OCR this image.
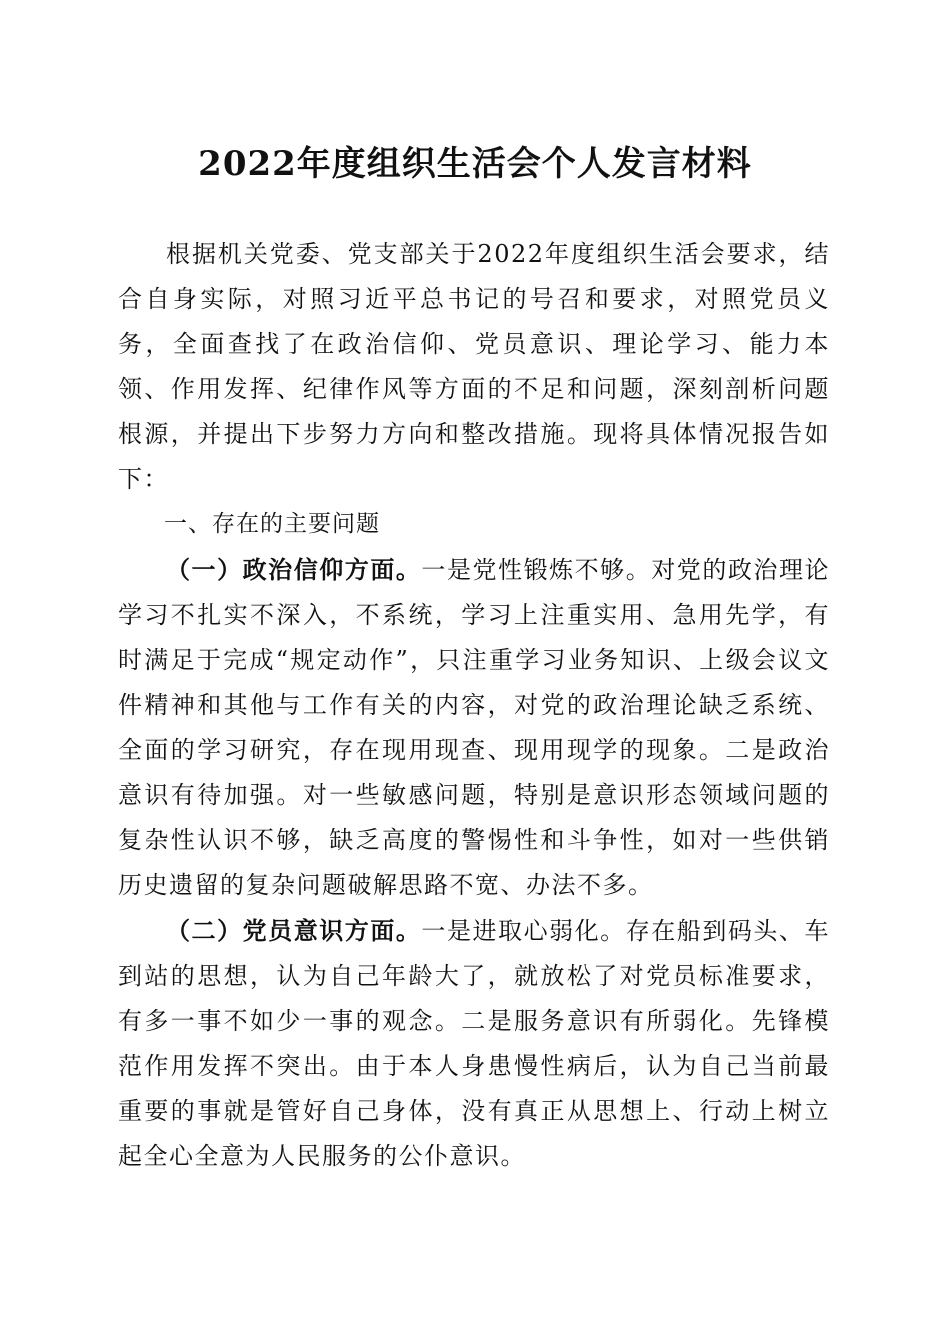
2022年度组织生活会个人发言材料

根据机关党委、党支部关于2022年度组织生活会要求，结合自身实际，对照习近平总书记的号召和要求，对照党员义务，全面查找了在政治信仰、党员意识、理论学习、能力本领、作用发挥、纪律作风等方面的不足和问题，深刻剖析问题根源，并提出下步努力方向和整改措施。现将具体情况报告如下：

一、存在的主要问题

（一）政治信仰方面。一是党性锻炼不够。对党的政治理论学习不扎实不深入，不系统，学习上注重实用、急用先学，有时满足于完成“规定动作”，只注重学习业务知识、上级会议文件精神和其他与工作有关的内容，对党的政治理论缺乏系统、全面的学习研究，存在现用现查、现用现学的现象。二是政治意识有待加强。对一些敏感问题，特别是意识形态领域问题的复杂性认识不够，缺乏高度的警惕性和斗争性，如对一些供销历史遗留的复杂问题破解思路不宽、办法不多。

（二）党员意识方面。一是进取心弱化。存在船到码头、车到站的思想，认为自己年龄大了，就放松了对党员标准要求，有多一事不如少一事的观念。二是服务意识有所弱化。先锋模范作用发挥不突出。由于本人身患慢性病后，认为自己当前最重要的事就是管好自己身体，没有真正从思想上、行动上树立起全心全意为人民服务的公仆意识。
